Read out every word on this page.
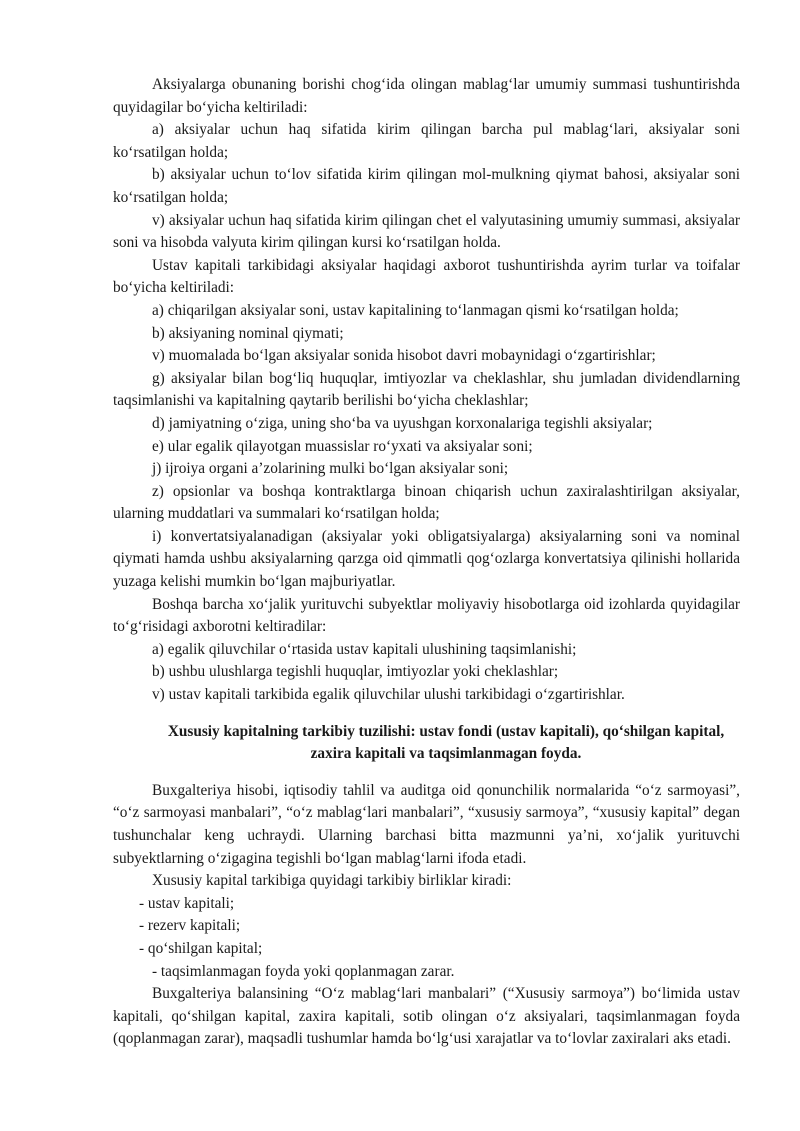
Aksiyalarga obunaning borishi chog‘ida olingan mablag‘lar umumiy summasi tushuntirishda quyidagilar bo‘yicha keltiriladi:

a) aksiyalar uchun haq sifatida kirim qilingan barcha pul mablag‘lari, aksiyalar soni ko‘rsatilgan holda;

b) aksiyalar uchun to‘lov sifatida kirim qilingan mol-mulkning qiymat bahosi, aksiyalar soni ko‘rsatilgan holda;

v) aksiyalar uchun haq sifatida kirim qilingan chet el valyutasining umumiy summasi, aksiyalar soni va hisobda valyuta kirim qilingan kursi ko‘rsatilgan holda.

Ustav kapitali tarkibidagi aksiyalar haqidagi axborot tushuntirishda ayrim turlar va toifalar bo‘yicha keltiriladi:

a) chiqarilgan aksiyalar soni, ustav kapitalining to‘lanmagan qismi ko‘rsatilgan holda;

b) aksiyaning nominal qiymati;

v) muomalada bo‘lgan aksiyalar sonida hisobot davri mobaynidagi o‘zgartirishlar;

g) aksiyalar bilan bog‘liq huquqlar, imtiyozlar va cheklashlar, shu jumladan dividendlarning taqsimlanishi va kapitalning qaytarib berilishi bo‘yicha cheklashlar;

d) jamiyatning o‘ziga, uning sho‘ba va uyushgan korxonalariga tegishli aksiyalar;

e) ular egalik qilayotgan muassislar ro‘yxati va aksiyalar soni;

j) ijroiya organi a’zolarining mulki bo‘lgan aksiyalar soni;

z) opsionlar va boshqa kontraktlarga binoan chiqarish uchun zaxiralashtirilgan aksiyalar, ularning muddatlari va summalari ko‘rsatilgan holda;

i) konvertatsiyalanadigan (aksiyalar yoki obligatsiyalarga) aksiyalarning soni va nominal qiymati hamda ushbu aksiyalarning qarzga oid qimmatli qog‘ozlarga konvertatsiya qilinishi hollarida yuzaga kelishi mumkin bo‘lgan majburiyatlar.

Boshqa barcha xo‘jalik yurituvchi subyektlar moliyaviy hisobotlarga oid izohlarda quyidagilar to‘g‘risidagi axborotni keltiradilar:

a) egalik qiluvchilar o‘rtasida ustav kapitali ulushining taqsimlanishi;

b) ushbu ulushlarga tegishli huquqlar, imtiyozlar yoki cheklashlar;

v) ustav kapitali tarkibida egalik qiluvchilar ulushi tarkibidagi o‘zgartirishlar.

Xususiy kapitalning tarkibiy tuzilishi: ustav fondi (ustav kapitali), qo‘shilgan kapital, zaxira kapitali va taqsimlanmagan foyda.

Buxgalteriya hisobi, iqtisodiy tahlil va auditga oid qonunchilik normalarida “o‘z sarmoyasi”, “o‘z sarmoyasi manbalari”, “o‘z mablag‘lari manbalari”, “xususiy sarmoya”, “xususiy kapital” degan tushunchalar keng uchraydi. Ularning barchasi bitta mazmunni ya’ni, xo‘jalik yurituvchi subyektlarning o‘zigagina tegishli bo‘lgan mablag‘larni ifoda etadi.

Xususiy kapital tarkibiga quyidagi tarkibiy birliklar kiradi:

- ustav kapitali;

- rezerv kapitali;

- qo‘shilgan kapital;

- taqsimlanmagan foyda yoki qoplanmagan zarar.

Buxgalteriya balansining “O‘z mablag‘lari manbalari” (“Xususiy sarmoya”) bo‘limida ustav kapitali, qo‘shilgan kapital, zaxira kapitali, sotib olingan o‘z aksiyalari, taqsimlanmagan foyda (qoplanmagan zarar), maqsadli tushumlar hamda bo‘lg‘usi xarajatlar va to‘lovlar zaxiralari aks etadi.
